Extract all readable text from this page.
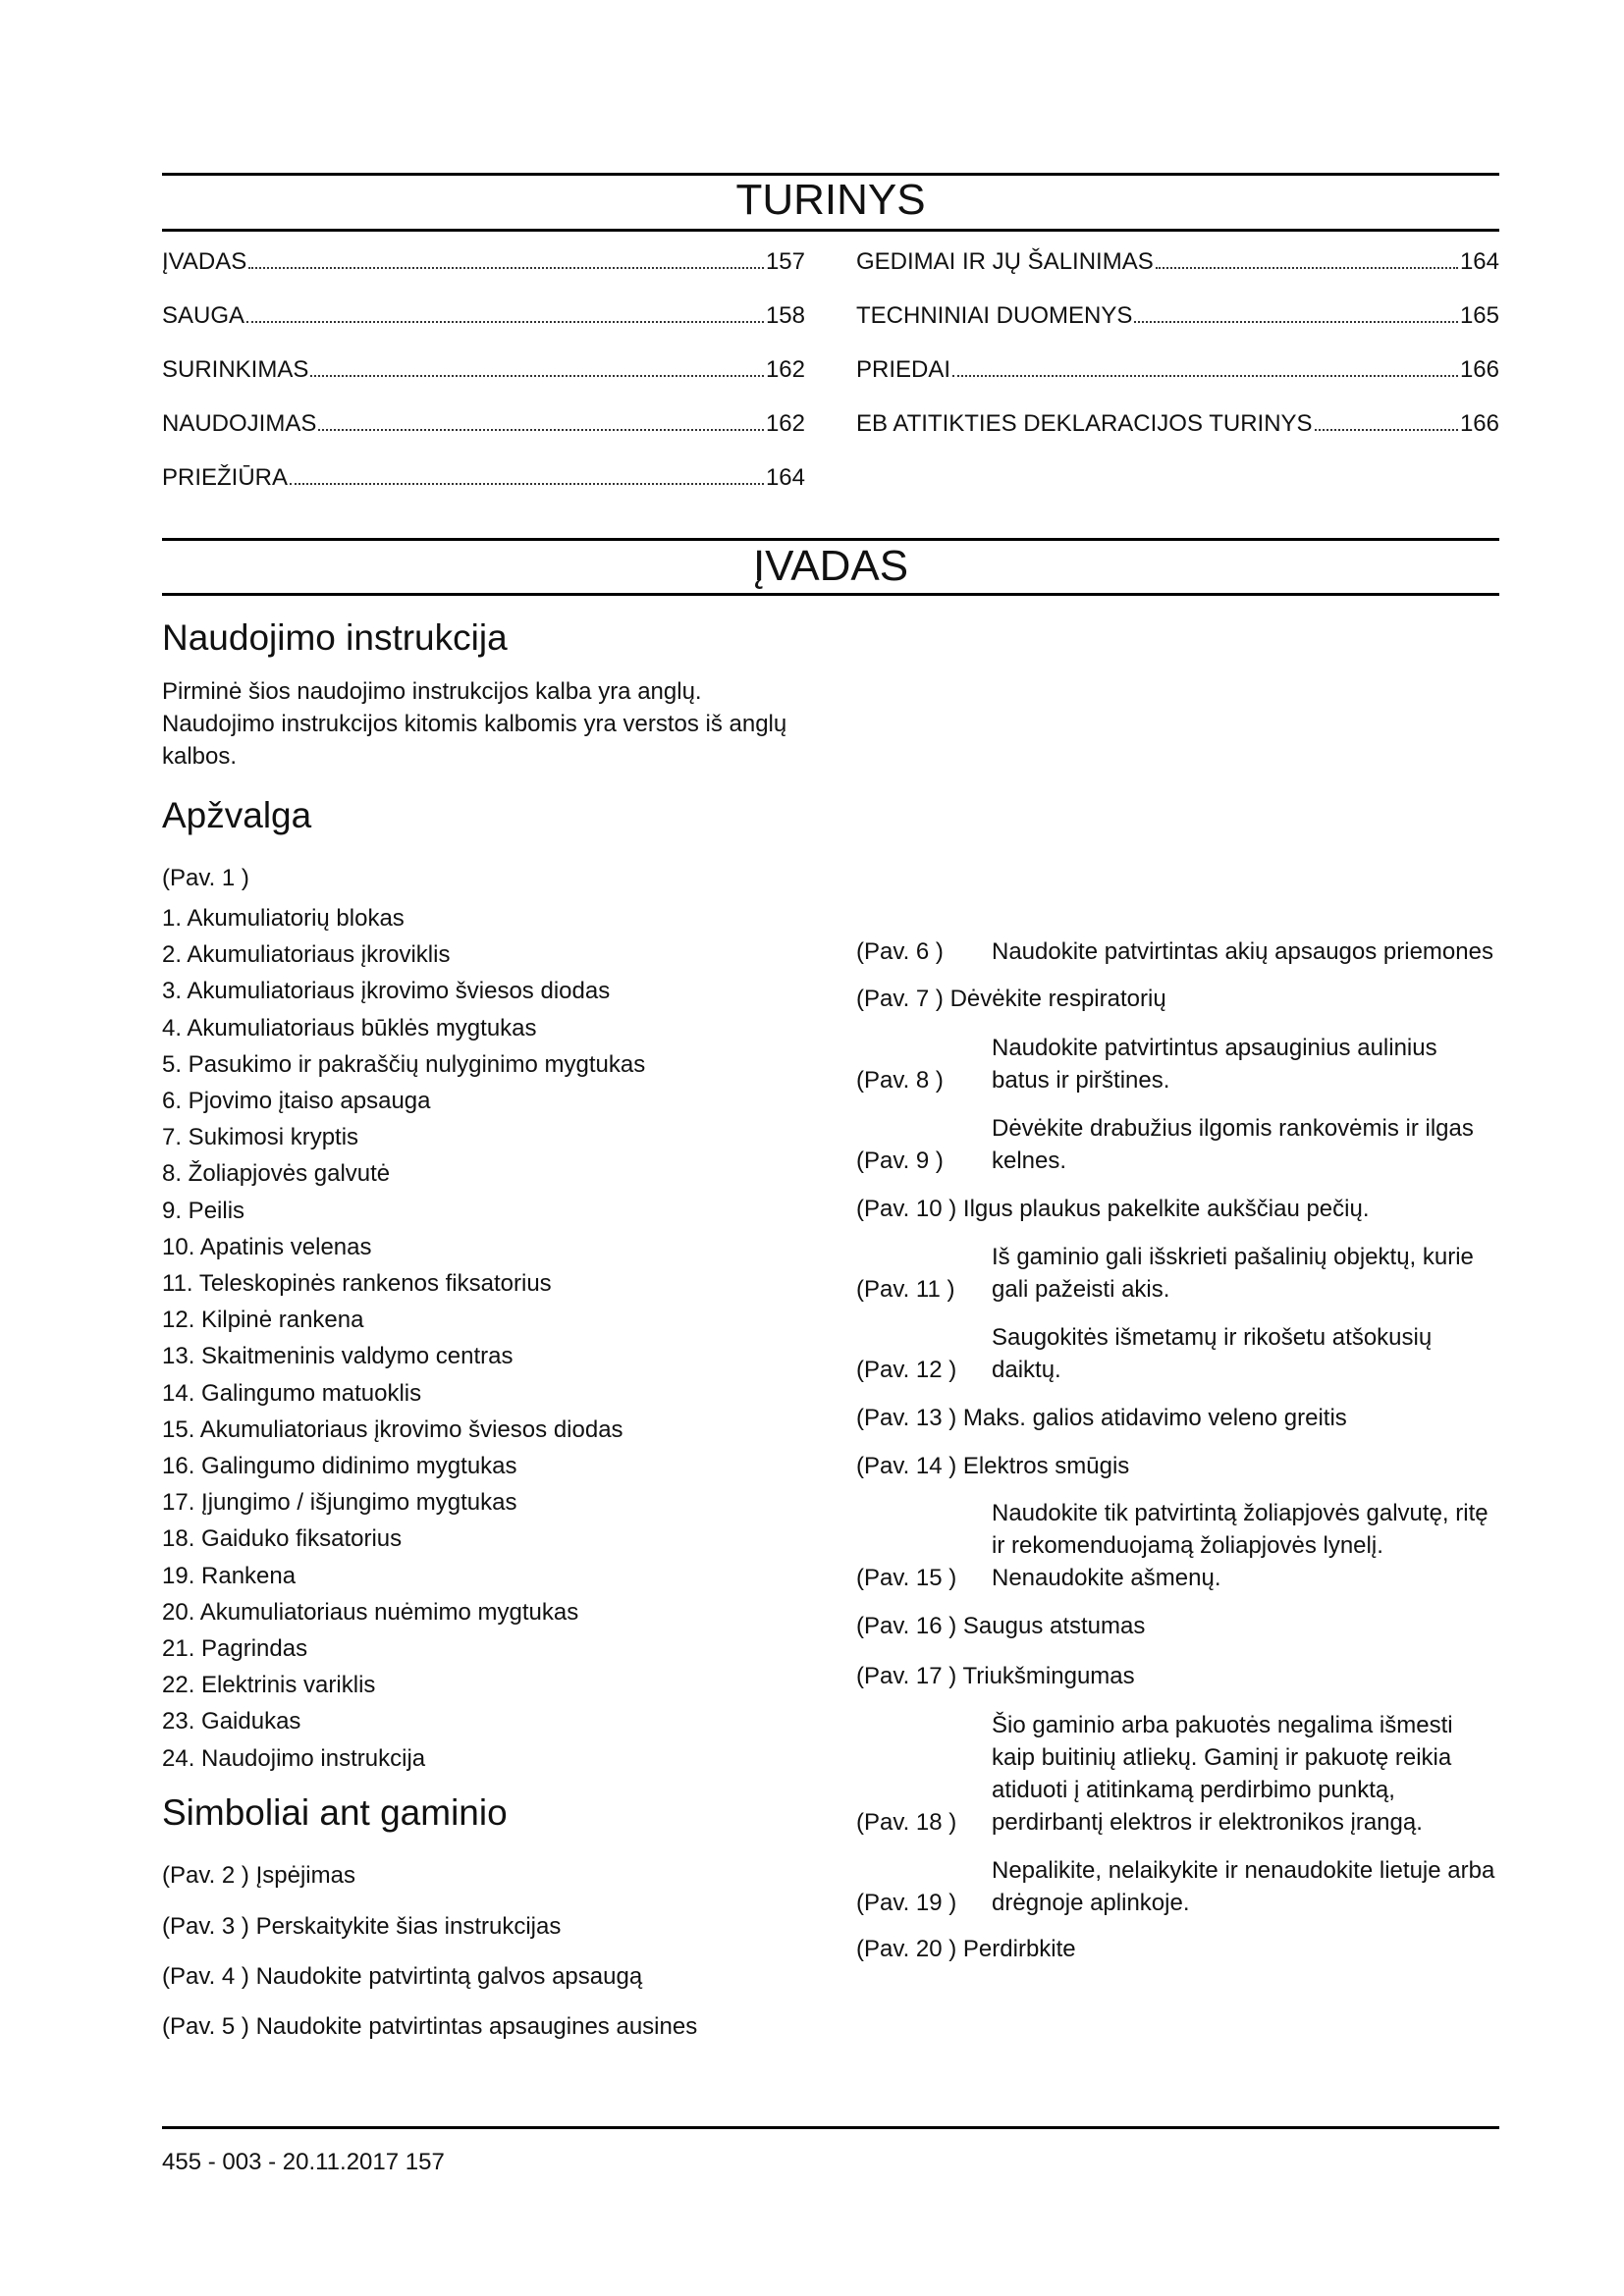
TURINYS
ĮVADAS	157
SAUGA	158
SURINKIMAS	162
NAUDOJIMAS	162
PRIEŽIŪRA	164
GEDIMAI IR JŲ ŠALINIMAS	164
TECHNINIAI DUOMENYS	165
PRIEDAI	166
EB ATITIKTIES DEKLARACIJOS TURINYS	166
ĮVADAS
Naudojimo instrukcija
Pirminė šios naudojimo instrukcijos kalba yra anglų. Naudojimo instrukcijos kitomis kalbomis yra verstos iš anglų kalbos.
Apžvalga
(Pav. 1 )
1. Akumuliatorių blokas
2. Akumuliatoriaus įkroviklis
3. Akumuliatoriaus įkrovimo šviesos diodas
4. Akumuliatoriaus būklės mygtukas
5. Pasukimo ir pakraščių nulyginimo mygtukas
6. Pjovimo įtaiso apsauga
7. Sukimosi kryptis
8. Žoliapjovės galvutė
9. Peilis
10. Apatinis velenas
11. Teleskopinės rankenos fiksatorius
12. Kilpinė rankena
13. Skaitmeninis valdymo centras
14. Galingumo matuoklis
15. Akumuliatoriaus įkrovimo šviesos diodas
16. Galingumo didinimo mygtukas
17. Įjungimo / išjungimo mygtukas
18. Gaiduko fiksatorius
19. Rankena
20. Akumuliatoriaus nuėmimo mygtukas
21. Pagrindas
22. Elektrinis variklis
23. Gaidukas
24. Naudojimo instrukcija
Simboliai ant gaminio
(Pav. 2 ) Įspėjimas
(Pav. 3 ) Perskaitykite šias instrukcijas
(Pav. 4 ) Naudokite patvirtintą galvos apsaugą
(Pav. 5 ) Naudokite patvirtintas apsaugines ausines
(Pav. 6 ) Naudokite patvirtintas akių apsaugos priemones
(Pav. 7 ) Dėvėkite respiratorių
(Pav. 8 )
Naudokite patvirtintus apsauginius aulinius batus ir pirštines.
(Pav. 9 )
Dėvėkite drabužius ilgomis rankovėmis ir ilgas kelnes.
(Pav. 10 ) Ilgus plaukus pakelkite aukščiau pečių.
(Pav. 11 )
Iš gaminio gali išskrieti pašalinių objektų, kurie gali pažeisti akis.
(Pav. 12 )
Saugokitės išmetamų ir rikošetu atšokusių daiktų.
(Pav. 13 ) Maks. galios atidavimo veleno greitis
(Pav. 14 ) Elektros smūgis
(Pav. 15 )
Naudokite tik patvirtintą žoliapjovės galvutę, ritę ir rekomenduojamą žoliapjovės lynelį. Nenaudokite ašmenų.
(Pav. 16 ) Saugus atstumas
(Pav. 17 ) Triukšmingumas
(Pav. 18 )
Šio gaminio arba pakuotės negalima išmesti kaip buitinių atliekų. Gaminį ir pakuotę reikia atiduoti į atitinkamą perdirbimo punktą, perdirbantį elektros ir elektronikos įrangą.
(Pav. 19 )
Nepalikite, nelaikykite ir nenaudokite lietuje arba drėgnoje aplinkoje.
(Pav. 20 ) Perdirbkite
455 - 003 - 20.11.2017 157
